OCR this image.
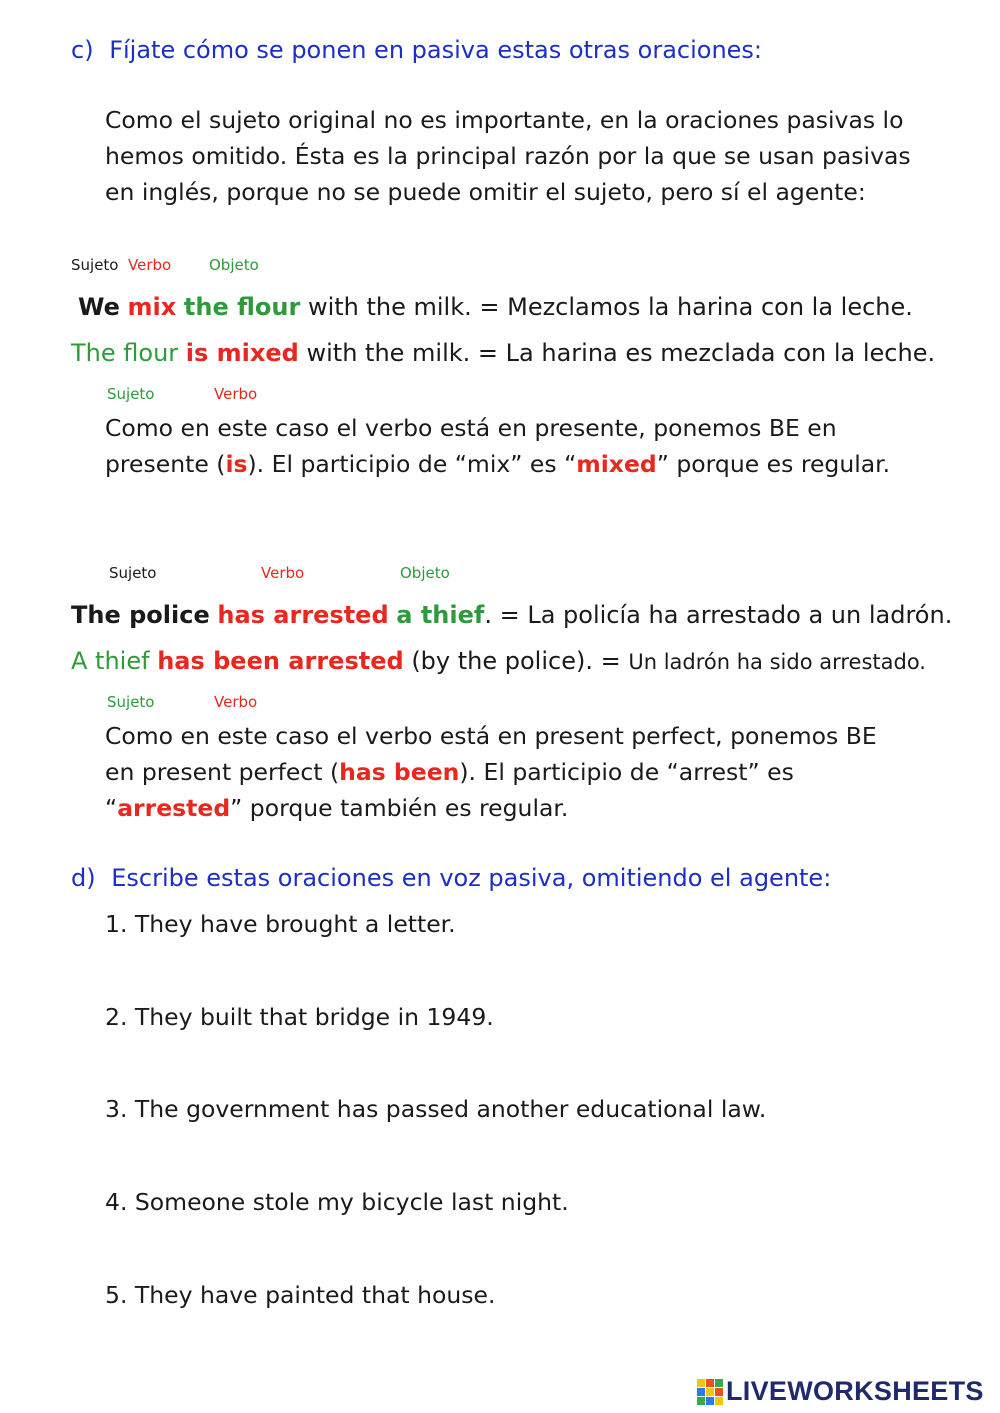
c) Fíjate cómo se ponen en pasiva estas otras oraciones:
Como el sujeto original no es importante, en la oraciones pasivas lo
hemos omitido. Ésta es la principal razón por la que se usan pasivas
en inglés, porque no se puede omitir el sujeto, pero sí el agente:
Sujeto Verbo	Objeto
We mix the flour with the milk. = Mezclamos la harina con la leche.
The flour is mixed with the milk. = La harina es mezclada con la leche.
Sujeto	Verbo
Como en este caso el verbo está en presente, ponemos BE en
presente (is). El participio de “mix” es “mixed” porque es regular.
Sujeto	Verbo	Objeto
The police has arrested a thief. = La policía ha arrestado a un ladrón.
A thief has been arrested (by the police). = Un ladrón ha sido arrestado.
Sujeto	Verbo
Como en este caso el verbo está en present perfect, ponemos BE
en present perfect (has been). El participio de “arrest” es
“arrested” porque también es regular.
d) Escribe estas oraciones en voz pasiva, omitiendo el agente:
1. They have brought a letter.
2. They built that bridge in 1949.
3. The government has passed another educational law.
4. Someone stole my bicycle last night.
5. They have painted that house.
LIVEWORKSHEETS
